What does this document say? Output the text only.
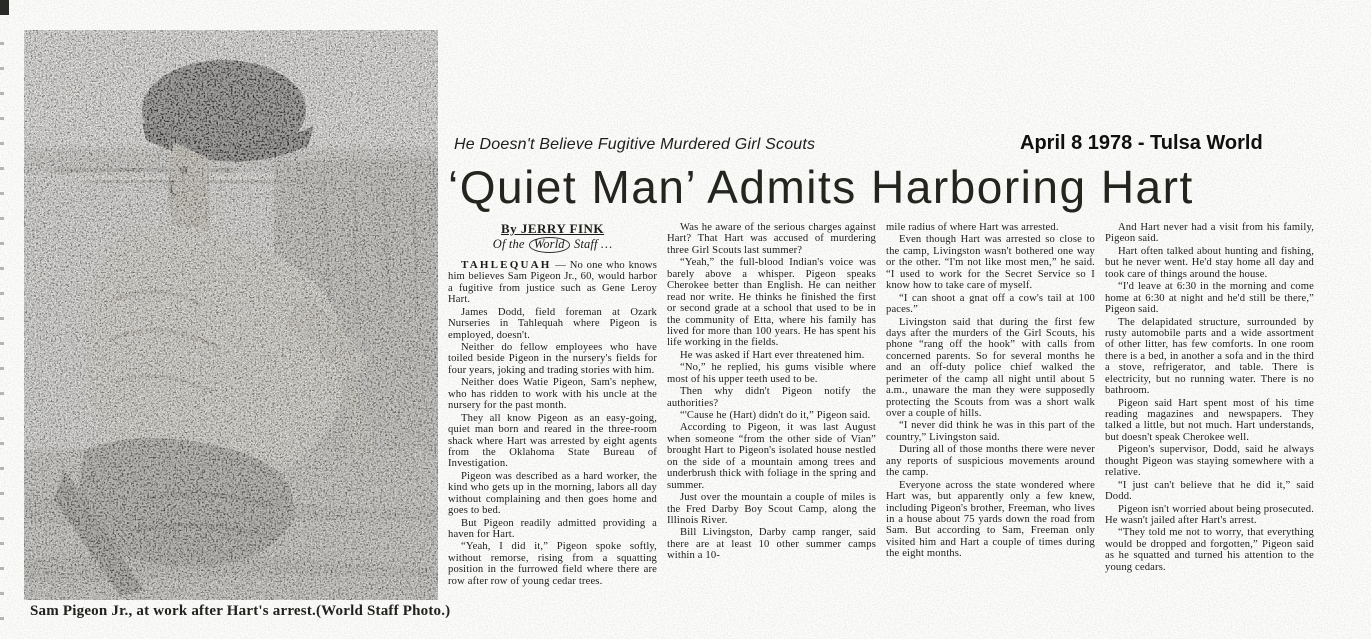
Sam Pigeon Jr., at work after Hart's arrest.(World Staff Photo.)
He Doesn't Believe Fugitive Murdered Girl Scouts	April 8 1978 - Tulsa World
‘Quiet Man’ Admits Harboring Hart
By JERRY FINK
Of the World Staff …

TAHLEQUAH — No one who knows him believes Sam Pigeon Jr., 60, would harbor a fugitive from justice such as Gene Leroy Hart.

James Dodd, field foreman at Ozark Nurseries in Tahlequah where Pigeon is employed, doesn't.

Neither do fellow employees who have toiled beside Pigeon in the nursery's fields for four years, joking and trading stories with him.

Neither does Watie Pigeon, Sam's nephew, who has ridden to work with his uncle at the nursery for the past month.

They all know Pigeon as an easy-going, quiet man born and reared in the three-room shack where Hart was arrested by eight agents from the Oklahoma State Bureau of Investigation.

Pigeon was described as a hard worker, the kind who gets up in the morning, labors all day without complaining and then goes home and goes to bed.

But Pigeon readily admitted providing a haven for Hart.

“Yeah, I did it,” Pigeon spoke softly, without remorse, rising from a squatting position in the furrowed field where there are row after row of young cedar trees.

Was he aware of the serious charges against Hart? That Hart was accused of murdering three Girl Scouts last summer?

“Yeah,” the full-blood Indian's voice was barely above a whisper. Pigeon speaks Cherokee better than English. He can neither read nor write. He thinks he finished the first or second grade at a school that used to be in the community of Etta, where his family has lived for more than 100 years. He has spent his life working in the fields.

He was asked if Hart ever threatened him.

“No,” he replied, his gums visible where most of his upper teeth used to be.

Then why didn't Pigeon notify the authorities?

“'Cause he (Hart) didn't do it,” Pigeon said.

According to Pigeon, it was last August when someone “from the other side of Vian” brought Hart to Pigeon's isolated house nestled on the side of a mountain among trees and underbrush thick with foliage in the spring and summer.

Just over the mountain a couple of miles is the Fred Darby Boy Scout Camp, along the Illinois River.

Bill Livingston, Darby camp ranger, said there are at least 10 other summer camps within a 10-

mile radius of where Hart was arrested.

Even though Hart was arrested so close to the camp, Livingston wasn't bothered one way or the other. “I'm not like most men,” he said. “I used to work for the Secret Service so I know how to take care of myself.

“I can shoot a gnat off a cow's tail at 100 paces.”

Livingston said that during the first few days after the murders of the Girl Scouts, his phone “rang off the hook” with calls from concerned parents. So for several months he and an off-duty police chief walked the perimeter of the camp all night until about 5 a.m., unaware the man they were supposedly protecting the Scouts from was a short walk over a couple of hills.

“I never did think he was in this part of the country,” Livingston said.

During all of those months there were never any reports of suspicious movements around the camp.

Everyone across the state wondered where Hart was, but apparently only a few knew, including Pigeon's brother, Freeman, who lives in a house about 75 yards down the road from Sam. But according to Sam, Freeman only visited him and Hart a couple of times during the eight months.

And Hart never had a visit from his family, Pigeon said.

Hart often talked about hunting and fishing, but he never went. He'd stay home all day and took care of things around the house.

“I'd leave at 6:30 in the morning and come home at 6:30 at night and he'd still be there,” Pigeon said.

The delapidated structure, surrounded by rusty automobile parts and a wide assortment of other litter, has few comforts. In one room there is a bed, in another a sofa and in the third a stove, refrigerator, and table. There is electricity, but no running water. There is no bathroom.

Pigeon said Hart spent most of his time reading magazines and newspapers. They talked a little, but not much. Hart understands, but doesn't speak Cherokee well.

Pigeon's supervisor, Dodd, said he always thought Pigeon was staying somewhere with a relative.

“I just can't believe that he did it,” said Dodd.

Pigeon isn't worried about being prosecuted. He wasn't jailed after Hart's arrest.

“They told me not to worry, that everything would be dropped and forgotten,” Pigeon said as he squatted and turned his attention to the young cedars.
